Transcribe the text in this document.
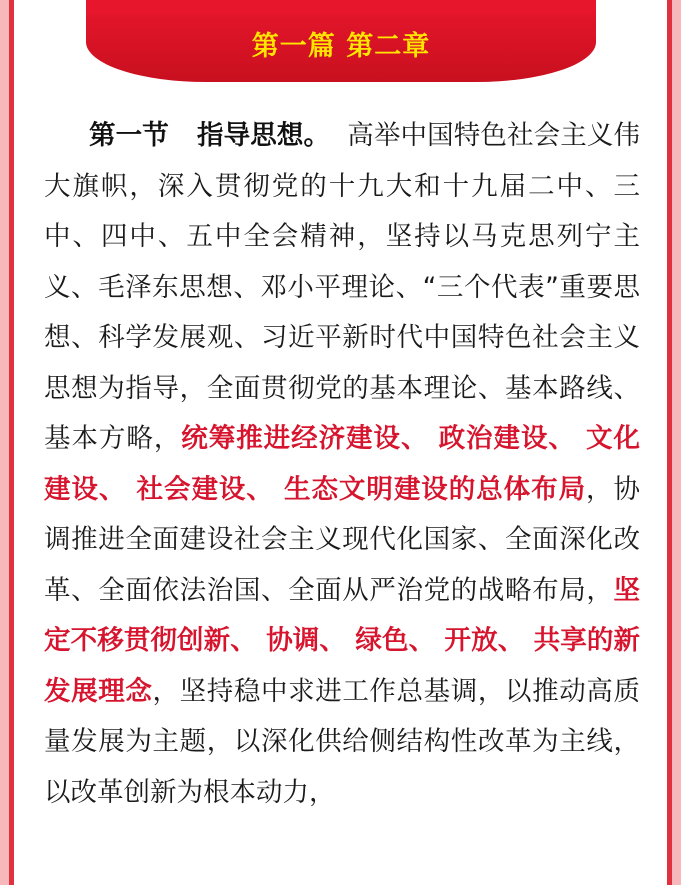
第一篇 第二章

第一节 指导思想。 高举中国特色社会主义伟大旗帜，深入贯彻党的十九大和十九届二中、三中、四中、五中全会精神，坚持以马克思列宁主义、毛泽东思想、邓小平理论、“三个代表”重要思想、科学发展观、习近平新时代中国特色社会主义思想为指导，全面贯彻党的基本理论、基本路线、基本方略，统筹推进经济建设、 政治建设、 文化建设、 社会建设、 生态文明建设的总体布局，协调推进全面建设社会主义现代化国家、全面深化改革、全面依法治国、全面从严治党的战略布局，坚定不移贯彻创新、 协调、 绿色、 开放、 共享的新发展理念，坚持稳中求进工作总基调，以推动高质量发展为主题，以深化供给侧结构性改革为主线，以改革创新为根本动力，
